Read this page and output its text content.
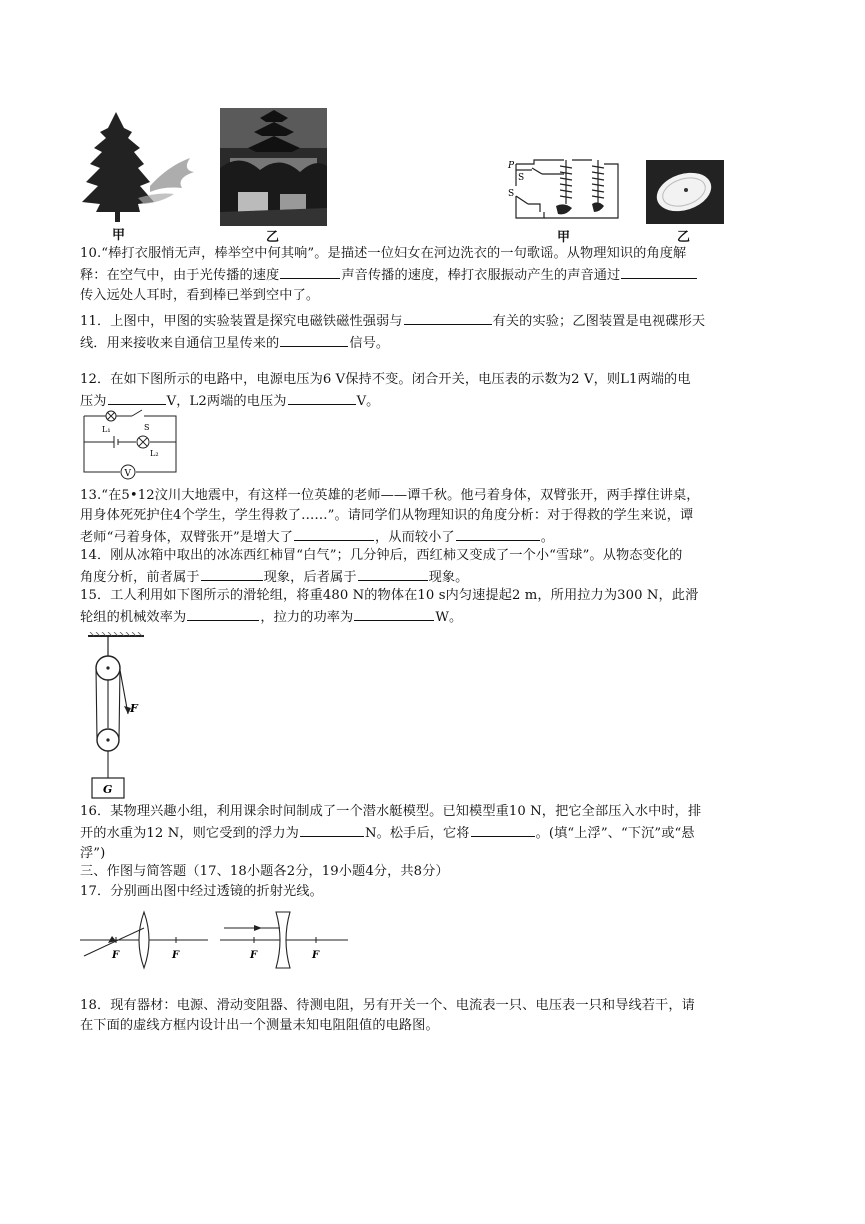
甲	乙
P
S
S
甲	乙
10.“棒打衣服悄无声，棒举空中何其响”。是描述一位妇女在河边洗衣的一句歌谣。从物理知识的角度解
释：在空气中，由于光传播的速度	声音传播的速度，棒打衣服振动产生的声音通过
传入远处人耳时，看到棒已举到空中了。
11．上图中，甲图的实验装置是探究电磁铁磁性强弱与	有关的实验；乙图装置是电视碟形天
线．用来接收来自通信卫星传来的	信号。
12．在如下图所示的电路中，电源电压为6 V保持不变。闭合开关，电压表的示数为2 V，则L1两端的电
压为	V，L2两端的电压为	V。
V
L₁
L₂
S
13.“在5•12汶川大地震中，有这样一位英雄的老师——谭千秋。他弓着身体，双臂张开，两手撑住讲桌，
用身体死死护住4个学生，学生得救了……”。请同学们从物理知识的角度分析：对于得救的学生来说，谭
老师“弓着身体，双臂张开”是增大了	，从而较小了	。
14．刚从冰箱中取出的冰冻西红柿冒“白气”；几分钟后，西红柿又变成了一个小“雪球”。从物态变化的
角度分析，前者属于	现象，后者属于	现象。
15．工人利用如下图所示的滑轮组，将重480 N的物体在10 s内匀速提起2 m，所用拉力为300 N，此滑
轮组的机械效率为	，拉力的功率为	W。
F
G
16．某物理兴趣小组，利用课余时间制成了一个潜水艇模型。已知模型重10 N，把它全部压入水中时，排
开的水重为12 N，则它受到的浮力为	N。松手后，它将	。(填“上浮”、“下沉”或“悬
浮”)
三、作图与简答题（17、18小题各2分，19小题4分，共8分）
17．分别画出图中经过透镜的折射光线。
F	F	F	F
18．现有器材：电源、滑动变阻器、待测电阻，另有开关一个、电流表一只、电压表一只和导线若干，请
在下面的虚线方框内设计出一个测量未知电阻阻值的电路图。
